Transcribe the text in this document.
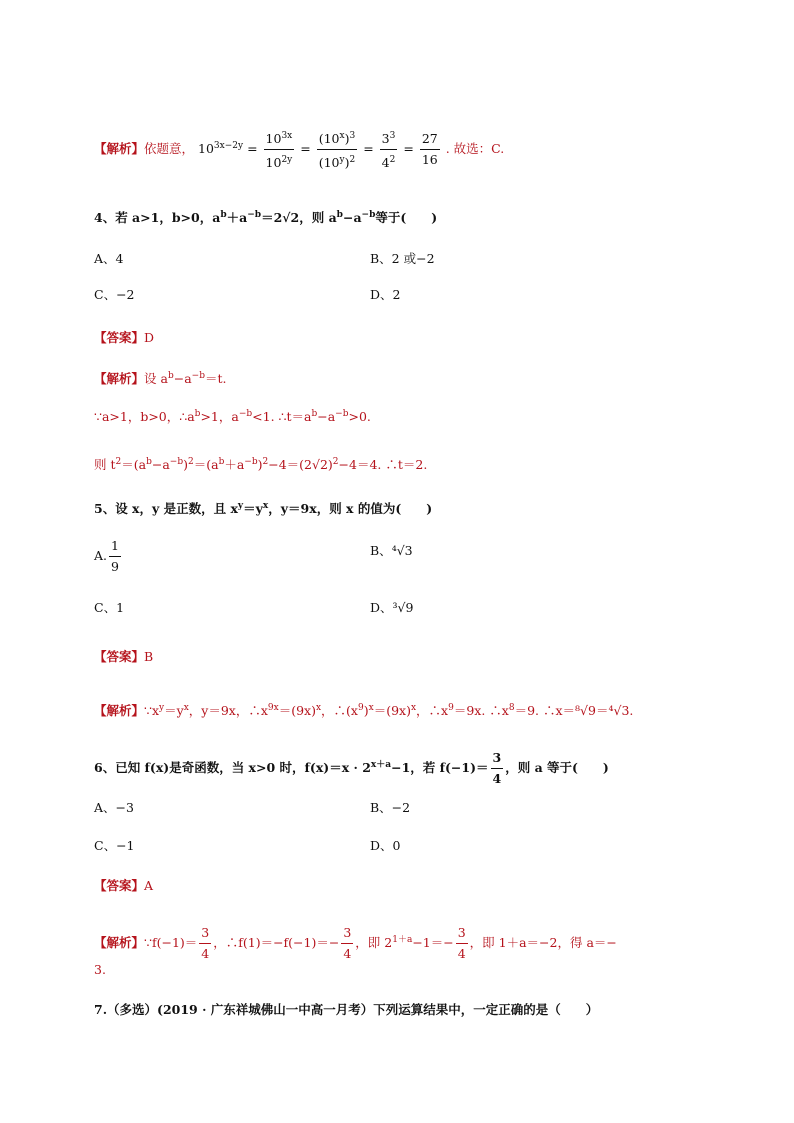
【解析】依题意， $10^{3x-2y} = \frac{10^{3x}}{10^{2y}} = \frac{(10^x)^3}{(10^y)^2} = \frac{3^3}{4^2} = \frac{27}{16}$ . 故选：C.
4、若 a>1，b>0，$a^b+a^{-b}=2√2$，则 $a^b-a^{-b}$等于(　　)
A、4	B、2 或−2
C、−2	D、2
【答案】D
【解析】设 $a^b-a^{-b}=t$.
∵a>1，b>0，$\therefore a^b>1$，$a^{-b}<1$. $\therefore t=a^b-a^{-b}>0$.
则 $t^2=(a^b-a^{-b})^2=(a^b+a^{-b})^2-4=(2√2)^2-4=4$. ∴t＝2.
5、设 x，y 是正数，且 $x^y=y^x$，y＝9x，则 x 的值为(　　)
A. $\frac{1}{9}$	B、⁴√3
C、1	D、³√9
【答案】B
【解析】$\because x^y=y^x$，y＝9x，$\therefore x^{9x}=(9x)^x$，$\therefore(x^9)^x=(9x)^x$，$\therefore x^9=9x$. $\therefore x^8=9$. ∴x＝⁸√9＝⁴√3.
6、已知 f(x)是奇函数，当 x>0 时，$f(x)=x \cdot 2^{x+a}-1$，若 $f(-1)= \frac{3}{4}$ ，则 a 等于(　　)
A、−3	B、−2
C、−1	D、0
【答案】A
【解析】∵f(−1)＝ $\frac{3}{4}$ ，∴f(1)＝−f(−1)＝− $\frac{3}{4}$ ，即 $2^{1+a}-1=- \frac{3}{4}$ ，即 1＋a＝−2，得 a＝−
3.
7.（多选）(2019 · 广东祥城佛山一中高一月考）下列运算结果中，一定正确的是（　　）
